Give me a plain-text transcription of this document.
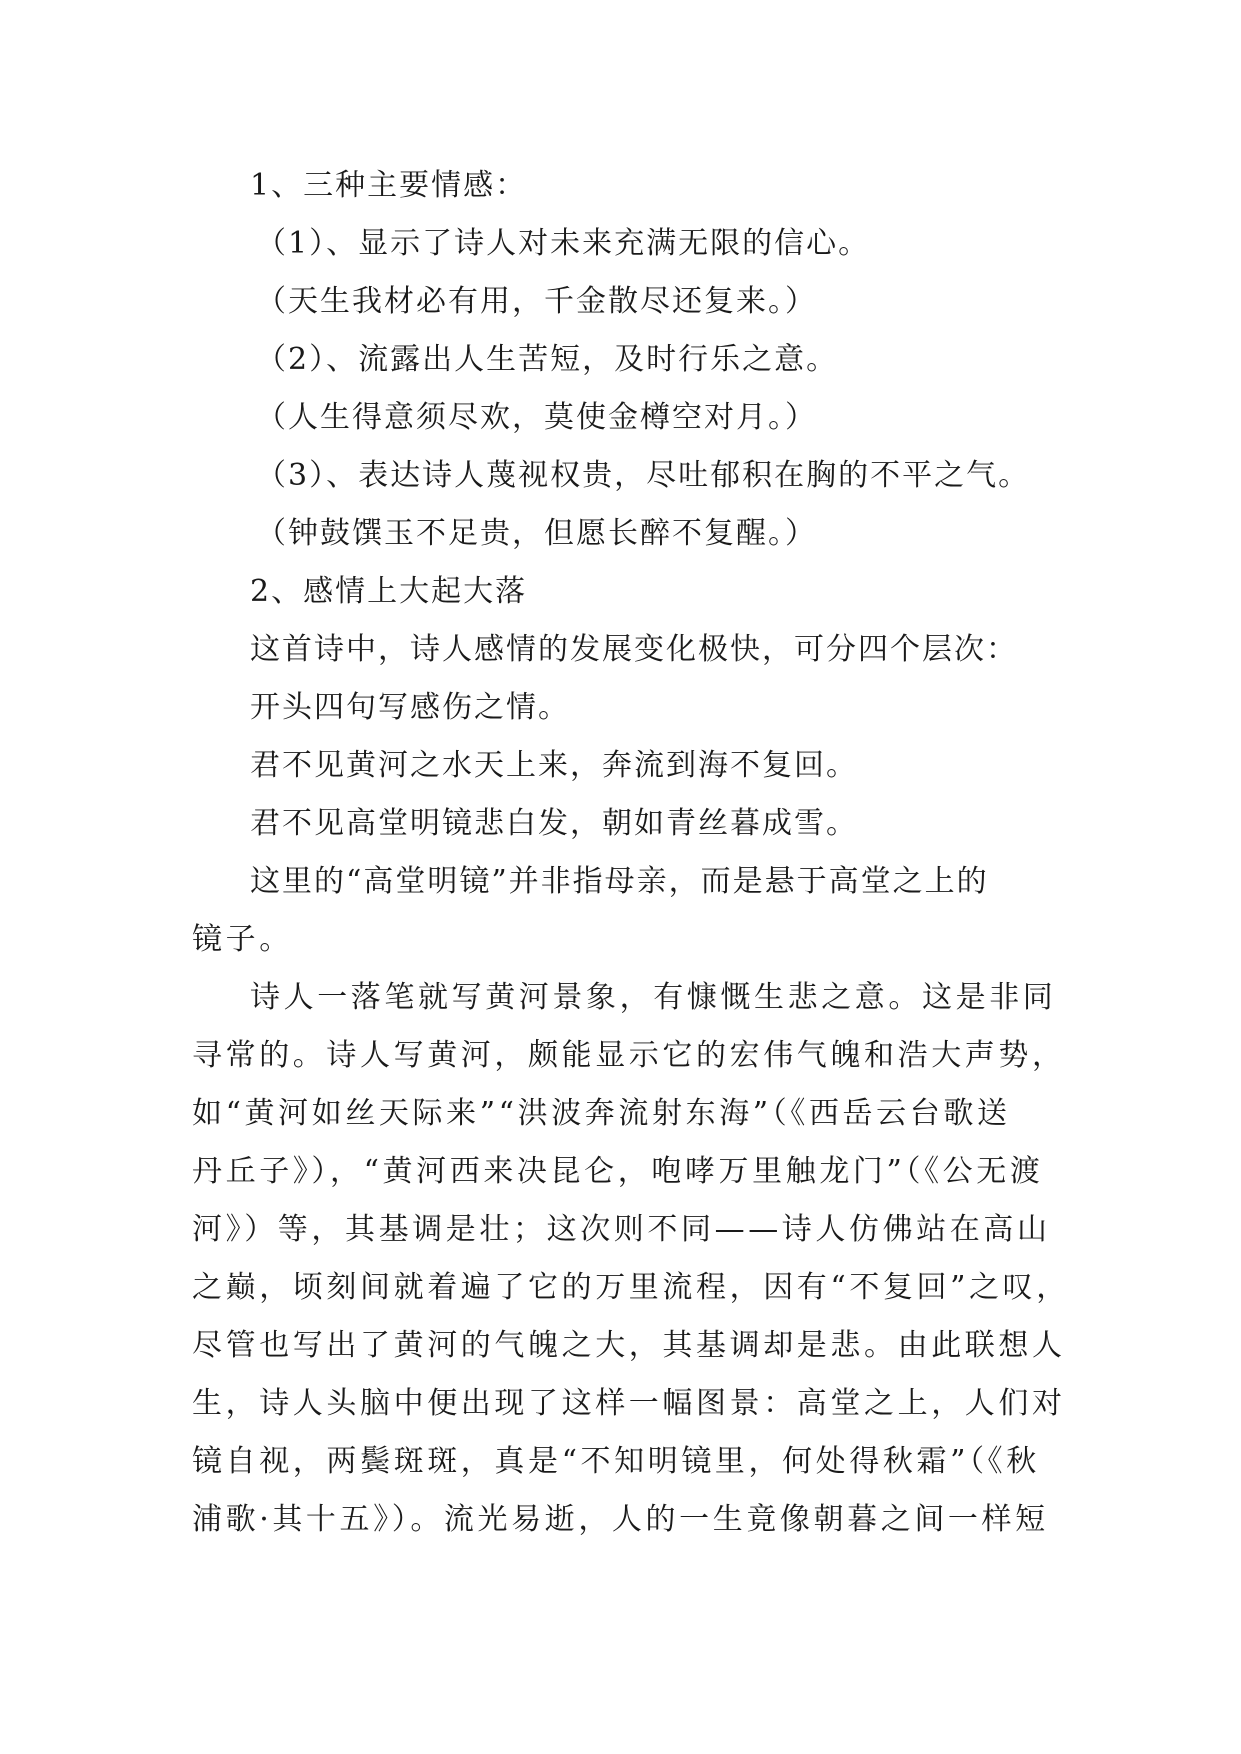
1、三种主要情感：
（1）、显示了诗人对未来充满无限的信心。
（天生我材必有用，千金散尽还复来。）
（2）、流露出人生苦短，及时行乐之意。
（人生得意须尽欢，莫使金樽空对月。）
（3）、表达诗人蔑视权贵，尽吐郁积在胸的不平之气。
（钟鼓馔玉不足贵，但愿长醉不复醒。）
2、感情上大起大落
这首诗中，诗人感情的发展变化极快，可分四个层次：
开头四句写感伤之情。
君不见黄河之水天上来，奔流到海不复回。
君不见高堂明镜悲白发，朝如青丝暮成雪。
这里的“高堂明镜”并非指母亲，而是悬于高堂之上的
镜子。
诗人一落笔就写黄河景象，有慷慨生悲之意。这是非同
寻常的。诗人写黄河，颇能显示它的宏伟气魄和浩大声势，
如“黄河如丝天际来”“洪波奔流射东海”（《西岳云台歌送
丹丘子》），“黄河西来决昆仑，咆哮万里触龙门”（《公无渡
河》）等，其基调是壮；这次则不同——诗人仿佛站在高山
之巅，顷刻间就着遍了它的万里流程，因有“不复回”之叹，
尽管也写出了黄河的气魄之大，其基调却是悲。由此联想人
生，诗人头脑中便出现了这样一幅图景：高堂之上，人们对
镜自视，两鬓斑斑，真是“不知明镜里，何处得秋霜”（《秋
浦歌·其十五》）。流光易逝，人的一生竟像朝暮之间一样短
